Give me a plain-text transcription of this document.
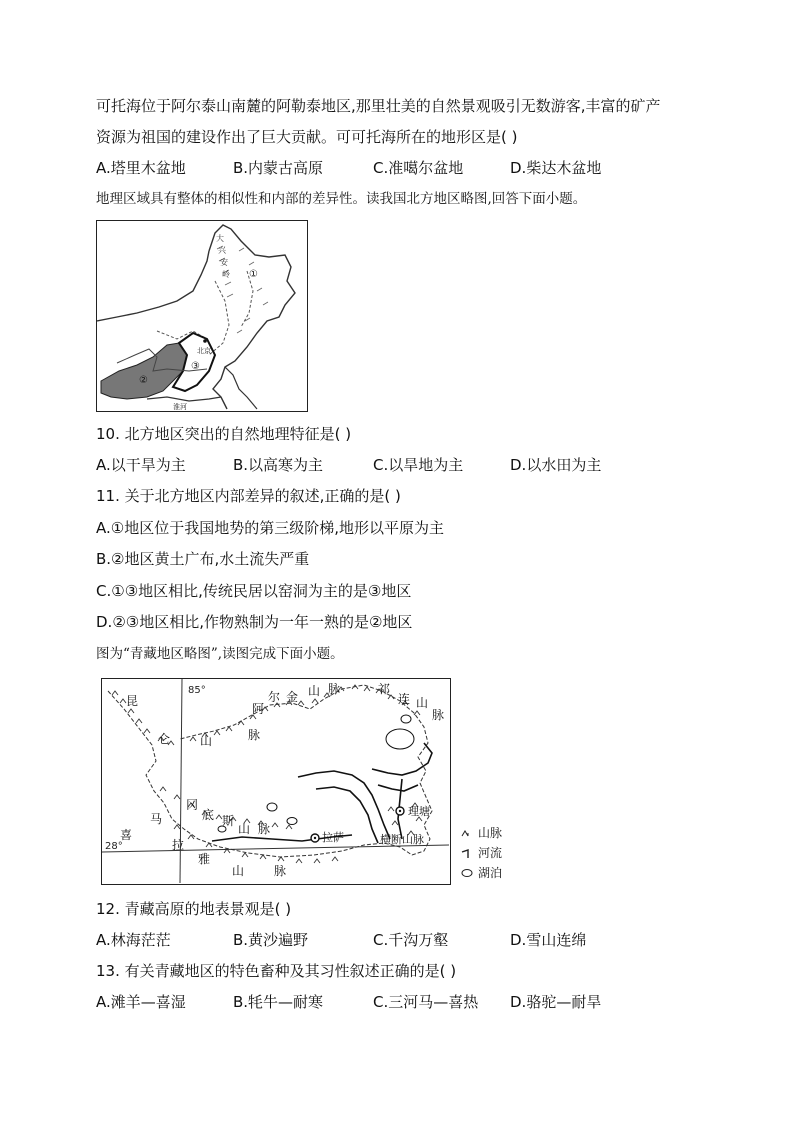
可托海位于阿尔泰山南麓的阿勒泰地区,那里壮美的自然景观吸引无数游客,丰富的矿产
资源为祖国的建设作出了巨大贡献。可可托海所在的地形区是( )
A.塔里木盆地	B.内蒙古高原	C.准噶尔盆地	D.柴达木盆地
地理区域具有整体的相似性和内部的差异性。读我国北方地区略图,回答下面小题。
大
兴
安
岭 ①
②
③
北京
淮河
10. 北方地区突出的自然地理特征是( )
A.以干旱为主	B.以高寒为主	C.以旱地为主	D.以水田为主
11. 关于北方地区内部差异的叙述,正确的是( )
A.①地区位于我国地势的第三级阶梯,地形以平原为主
B.②地区黄土广布,水土流失严重
C.①③地区相比,传统民居以窑洞为主的是③地区
D.②③地区相比,作物熟制为一年一熟的是②地区
图为“青藏地区略图”,读图完成下面小题。
85°
28°
昆
仑 山	脉
阿
尔 金 山 脉	祁
连 山
脉
冈
底 斯
山 脉
喜
马
拉
雅
山 脉
横断山脉
拉萨
理塘
山脉
河流
湖泊
12. 青藏高原的地表景观是( )
A.林海茫茫	B.黄沙遍野	C.千沟万壑	D.雪山连绵
13. 有关青藏地区的特色畜种及其习性叙述正确的是( )
A.滩羊—喜湿	B.牦牛—耐寒	C.三河马—喜热 D.骆驼—耐旱
